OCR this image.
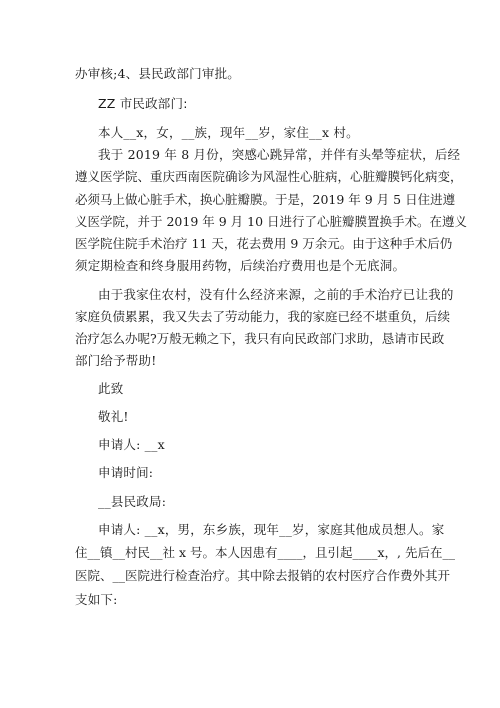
办审核;4、县民政部门审批。
ZZ 市民政部门:
本人__x，女，__族，现年__岁，家住__x 村。
我于 2019 年 8 月份，突感心跳异常，并伴有头晕等症状，后经
遵义医学院、重庆西南医院确诊为风湿性心脏病，心脏瓣膜钙化病变，
必须马上做心脏手术，换心脏瓣膜。于是，2019 年 9 月 5 日住进遵
义医学院，并于 2019 年 9 月 10 日进行了心脏瓣膜置换手术。在遵义
医学院住院手术治疗 11 天，花去费用 9 万余元。由于这种手术后仍
须定期检查和终身服用药物，后续治疗费用也是个无底洞。
由于我家住农村，没有什么经济来源，之前的手术治疗已让我的
家庭负债累累，我又失去了劳动能力，我的家庭已经不堪重负，后续
治疗怎么办呢?万般无赖之下，我只有向民政部门求助，恳请市民政
部门给予帮助!
此致
敬礼!
申请人: __x
申请时间:
__县民政局:
申请人: __x，男，东乡族，现年__岁，家庭其他成员想人。家
住__镇__村民__社 x 号。本人因患有____，且引起____x，, 先后在__
医院、__医院进行检查治疗。其中除去报销的农村医疗合作费外其开
支如下:
